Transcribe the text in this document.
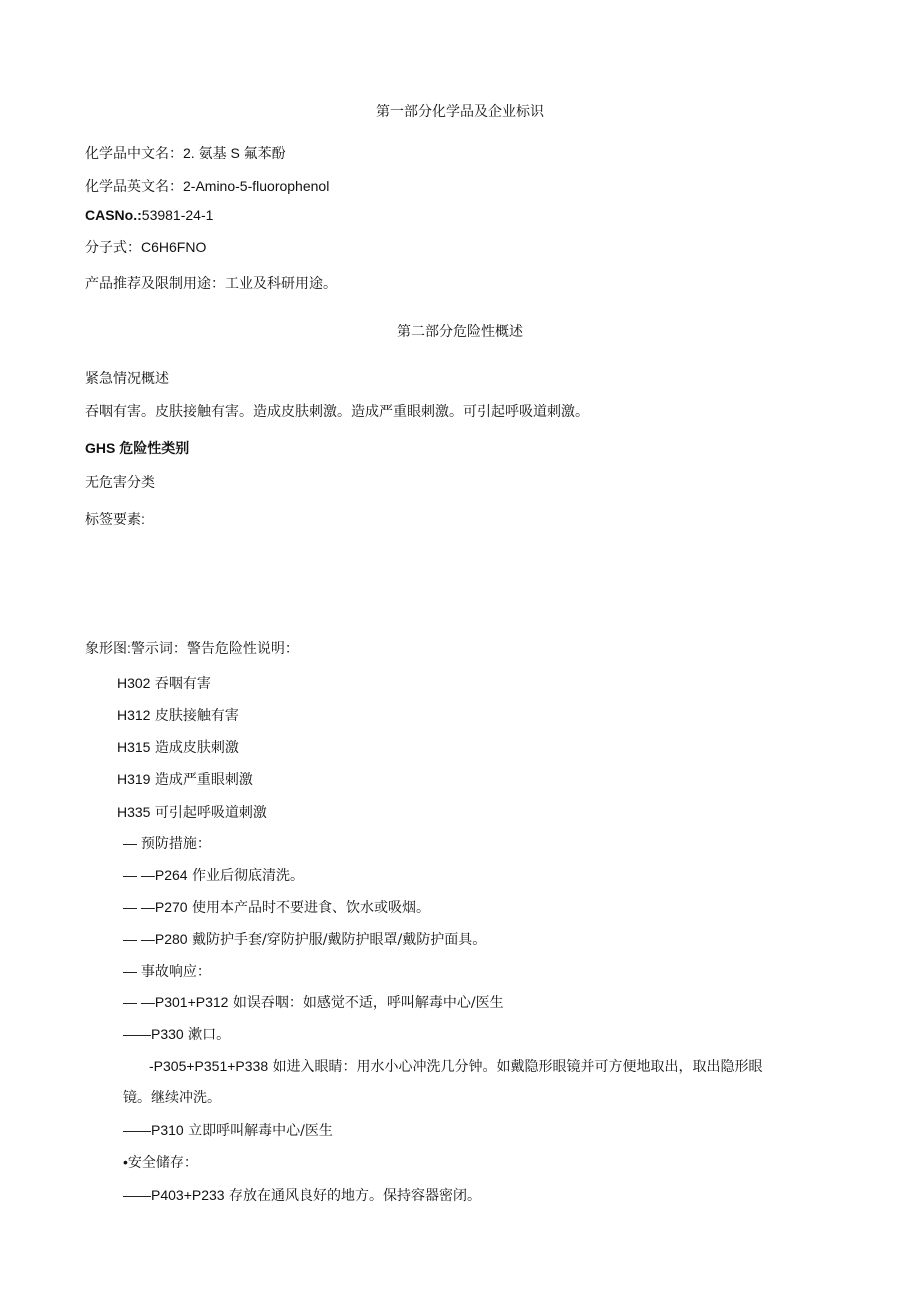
第一部分化学品及企业标识
化学品中文名：2. 氨基 S 氟苯酚
化学品英文名：2-Amino-5-fluorophenol
CASNo.:53981-24-1
分子式：C6H6FNO
产品推荐及限制用途：工业及科研用途。
第二部分危险性概述
紧急情况概述
吞咽有害。皮肤接触有害。造成皮肤刺激。造成严重眼刺激。可引起呼吸道刺激。
GHS 危险性类别
无危害分类
标签要素:
象形图:警示词：警告危险性说明：
H302 吞咽有害
H312 皮肤接触有害
H315 造成皮肤刺激
H319 造成严重眼刺激
H335 可引起呼吸道刺激
— 预防措施：
— —P264 作业后彻底清洗。
— —P270 使用本产品时不要进食、饮水或吸烟。
— —P280 戴防护手套/穿防护服/戴防护眼罩/戴防护面具。
— 事故响应：
— —P301+P312 如误吞咽：如感觉不适，呼叫解毒中心/医生
——P330 漱口。
-P305+P351+P338 如进入眼睛：用水小心冲洗几分钟。如戴隐形眼镜并可方便地取出，取出隐形眼
镜。继续冲洗。
——P310 立即呼叫解毒中心/医生
•安全储存：
——P403+P233 存放在通风良好的地方。保持容器密闭。
